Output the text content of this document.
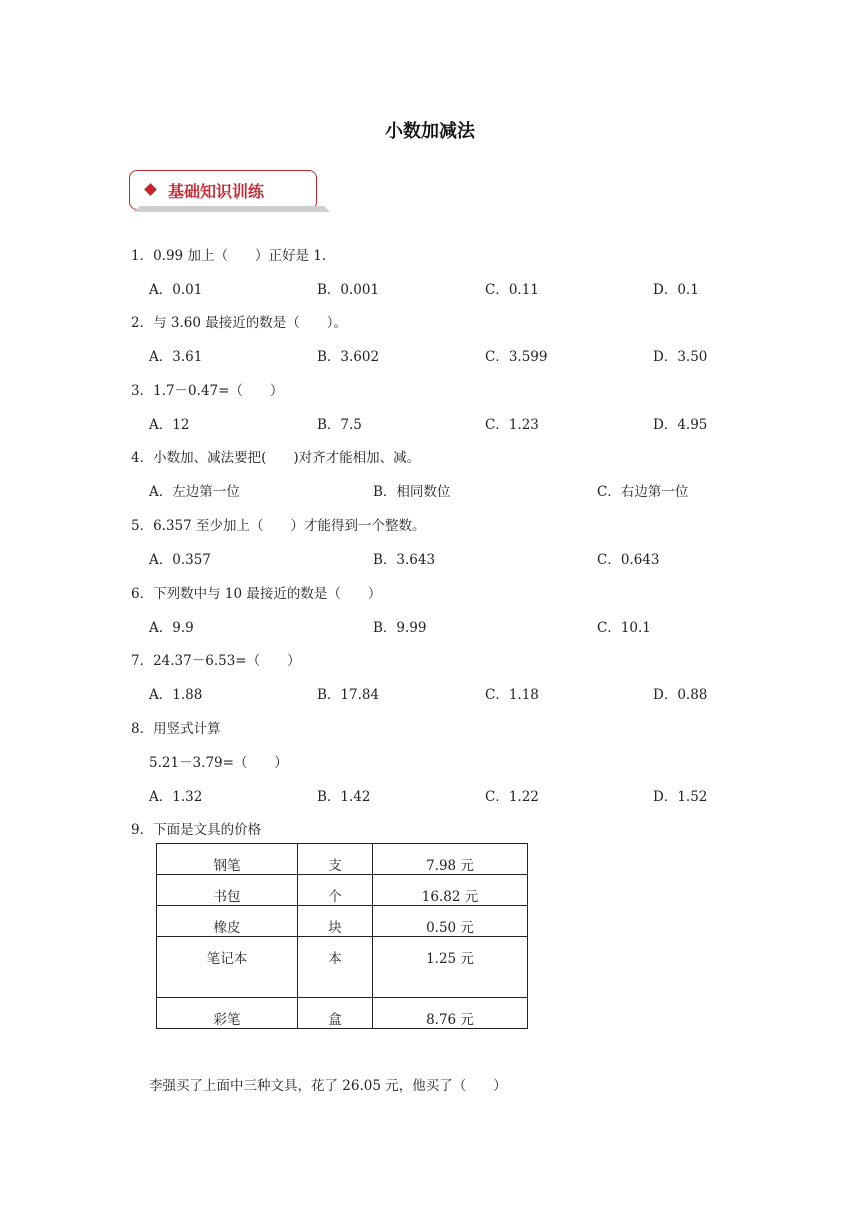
小数加减法
基础知识训练
1．0.99 加上（　　）正好是 1.
A．0.01	B．0.001	C．0.11	D．0.1
2．与 3.60 最接近的数是（　　）。
A．3.61	B．3.602	C．3.599	D．3.50
3．1.7－0.47=（　　）
A．12	B．7.5	C．1.23	D．4.95
4．小数加、减法要把(　　)对齐才能相加、减。
A．左边第一位	B．相同数位	C．右边第一位
5．6.357 至少加上（　　）才能得到一个整数。
A．0.357	B．3.643	C．0.643
6．下列数中与 10 最接近的数是（　　）
A．9.9	B．9.99	C．10.1
7．24.37－6.53=（　　）
A．1.88	B．17.84	C．1.18	D．0.88
8．用竖式计算
5.21－3.79=（　　）
A．1.32	B．1.42	C．1.22	D．1.52
9．下面是文具的价格
钢笔	支	7.98 元
书包	个	16.82 元
橡皮	块	0.50 元
笔记本	本	1.25 元
彩笔	盒	8.76 元
李强买了上面中三种文具，花了 26.05 元，他买了（　　）
